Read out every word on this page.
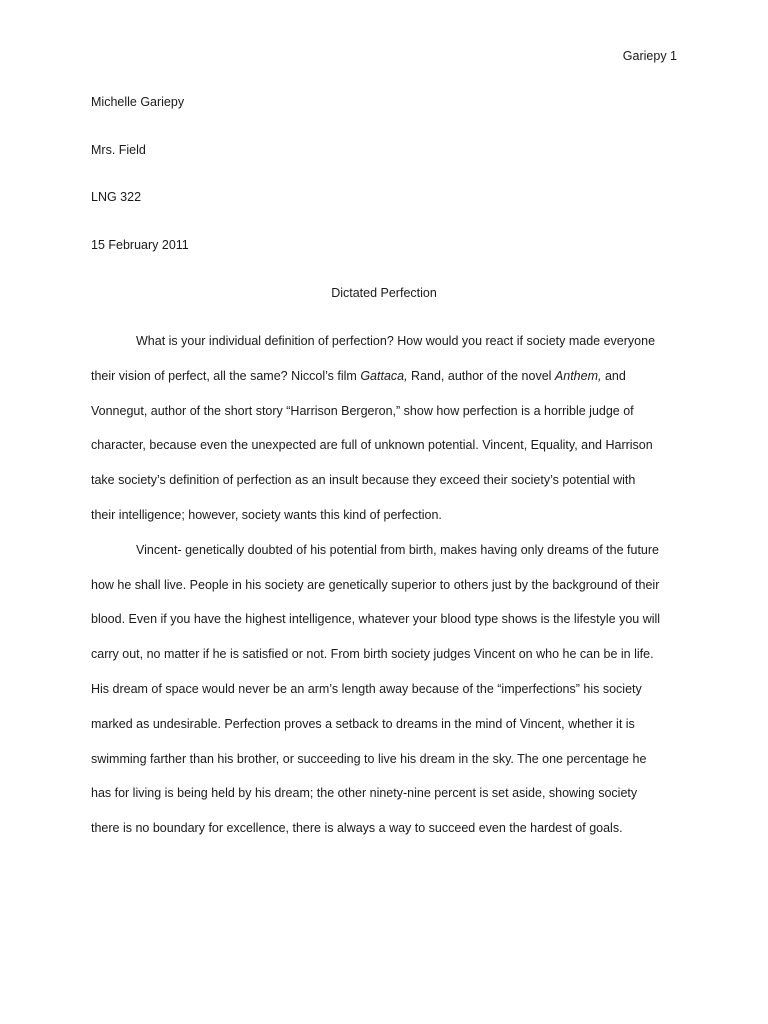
Gariepy 1
Michelle Gariepy
Mrs. Field
LNG 322
15 February 2011
Dictated Perfection
What is your individual definition of perfection? How would you react if society made everyone
their vision of perfect, all the same? Niccol’s film Gattaca, Rand, author of the novel Anthem, and
Vonnegut, author of the short story “Harrison Bergeron,” show how perfection is a horrible judge of
character, because even the unexpected are full of unknown potential. Vincent, Equality, and Harrison
take society’s definition of perfection as an insult because they exceed their society’s potential with
their intelligence; however, society wants this kind of perfection.
Vincent- genetically doubted of his potential from birth, makes having only dreams of the future
how he shall live. People in his society are genetically superior to others just by the background of their
blood. Even if you have the highest intelligence, whatever your blood type shows is the lifestyle you will
carry out, no matter if he is satisfied or not. From birth society judges Vincent on who he can be in life.
His dream of space would never be an arm’s length away because of the “imperfections” his society
marked as undesirable. Perfection proves a setback to dreams in the mind of Vincent, whether it is
swimming farther than his brother, or succeeding to live his dream in the sky. The one percentage he
has for living is being held by his dream; the other ninety-nine percent is set aside, showing society
there is no boundary for excellence, there is always a way to succeed even the hardest of goals.
